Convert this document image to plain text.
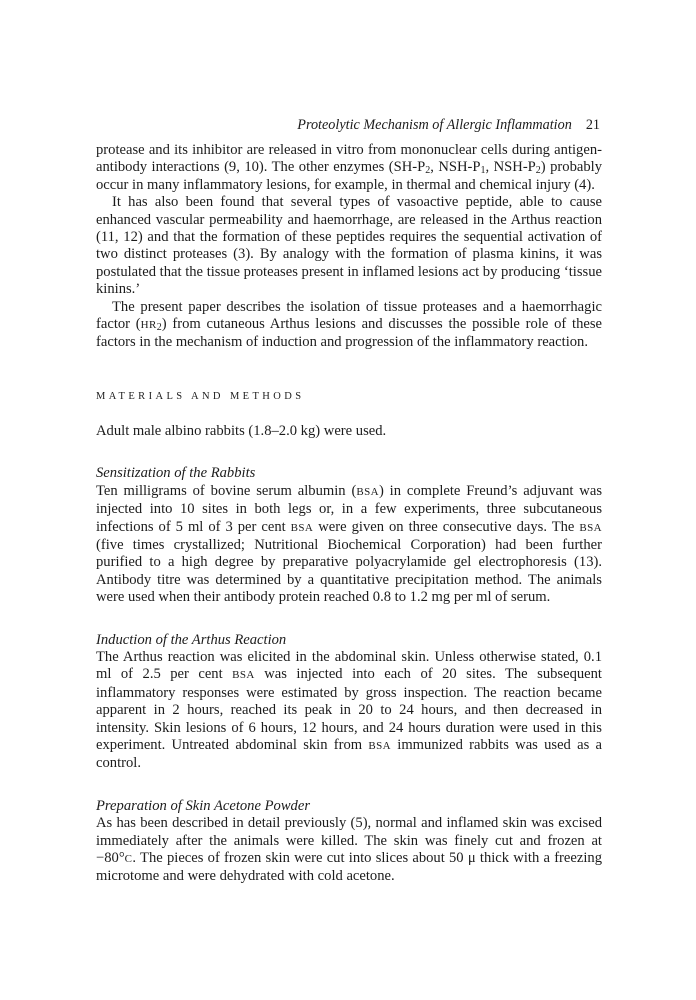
Proteolytic Mechanism of Allergic Inflammation 21

protease and its inhibitor are released in vitro from mononuclear cells during antigen-antibody interactions (9, 10). The other enzymes ($SH-P_2$, NSH-$P_1$, NSH-$P_2$) probably occur in many inflammatory lesions, for example, in thermal and chemical injury (4).

It has also been found that several types of vasoactive peptide, able to cause enhanced vascular permeability and haemorrhage, are released in the Arthus reaction (11, 12) and that the formation of these peptides requires the sequential activation of two distinct proteases (3). By analogy with the formation of plasma kinins, it was postulated that the tissue proteases present in inflamed lesions act by producing ‘tissue kinins.’

The present paper describes the isolation of tissue proteases and a haemorrhagic factor $(HR_2)$ from cutaneous Arthus lesions and discusses the possible role of these factors in the mechanism of induction and progression of the inflammatory reaction.

MATERIALS AND METHODS

Adult male albino rabbits (1.8–2.0 kg) were used.

Sensitization of the Rabbits

Ten milligrams of bovine serum albumin (BSA) in complete Freund’s adjuvant was injected into 10 sites in both legs or, in a few experiments, three subcutaneous infections of 5 ml of 3 per cent BSA were given on three consecutive days. The BSA (five times crystallized; Nutritional Biochemical Corporation) had been further purified to a high degree by preparative polyacrylamide gel electrophoresis (13). Antibody titre was determined by a quantitative precipitation method. The animals were used when their antibody protein reached 0.8 to 1.2 mg per ml of serum.

Induction of the Arthus Reaction

The Arthus reaction was elicited in the abdominal skin. Unless otherwise stated, 0.1 ml of 2.5 per cent BSA was injected into each of 20 sites. The subsequent inflammatory responses were estimated by gross inspection. The reaction became apparent in 2 hours, reached its peak in 20 to 24 hours, and then decreased in intensity. Skin lesions of 6 hours, 12 hours, and 24 hours duration were used in this experiment. Untreated abdominal skin from BSA immunized rabbits was used as a control.

Preparation of Skin Acetone Powder

As has been described in detail previously (5), normal and inflamed skin was excised immediately after the animals were killed. The skin was finely cut and frozen at −80°C. The pieces of frozen skin were cut into slices about 50 μ thick with a freezing microtome and were dehydrated with cold acetone.
